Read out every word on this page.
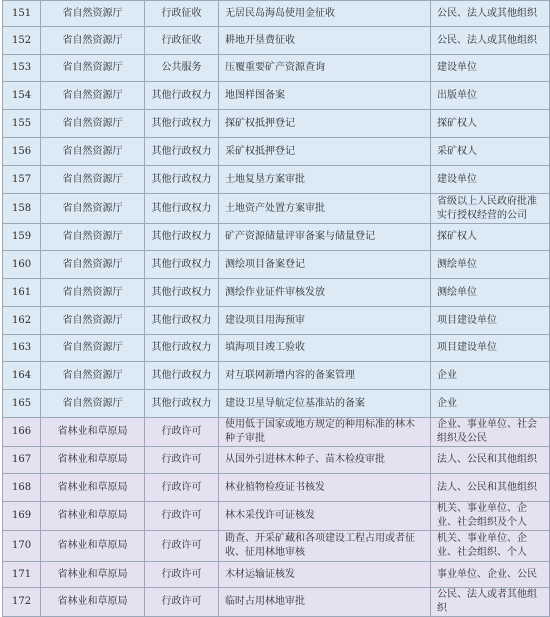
151	省自然资源厅	行政征收	无居民岛海岛使用金征收	公民、法人或其他组织
152	省自然资源厅	行政征收	耕地开垦费征收	公民、法人或其他组织
153	省自然资源厅	公共服务	压覆重要矿产资源查询	建设单位
154	省自然资源厅	其他行政权力	地图样图备案	出版单位
155	省自然资源厅	其他行政权力	探矿权抵押登记	探矿权人
156	省自然资源厅	其他行政权力	采矿权抵押登记	采矿权人
157	省自然资源厅	其他行政权力	土地复垦方案审批	建设单位
158	省自然资源厅	其他行政权力	土地资产处置方案审批	省级以上人民政府批准实行授权经营的公司
159	省自然资源厅	其他行政权力	矿产资源储量评审备案与储量登记	探矿权人
160	省自然资源厅	其他行政权力	测绘项目备案登记	测绘单位
161	省自然资源厅	其他行政权力	测绘作业证件审核发放	测绘单位
162	省自然资源厅	其他行政权力	建设项目用海预审	项目建设单位
163	省自然资源厅	其他行政权力	填海项目竣工验收	项目建设单位
164	省自然资源厅	其他行政权力	对互联网新增内容的备案管理	企业
165	省自然资源厅	其他行政权力	建设卫星导航定位基准站的备案	企业
166	省林业和草原局	行政许可	使用低于国家或地方规定的种用标准的林木种子审批	企业、事业单位、社会组织及公民
167	省林业和草原局	行政许可	从国外引进林木种子、苗木检疫审批	法人、公民和其他组织
168	省林业和草原局	行政许可	林业植物检疫证书核发	法人、公民和其他组织
169	省林业和草原局	行政许可	林木采伐许可证核发	机关、事业单位、企业、社会组织及个人
170	省林业和草原局	行政许可	勘查、开采矿藏和各项建设工程占用或者征收、征用林地审核	机关、事业单位、企业、社会组织、个人
171	省林业和草原局	行政许可	木材运输证核发	事业单位、企业、公民
172	省林业和草原局	行政许可	临时占用林地审批	公民、法人或者其他组织
